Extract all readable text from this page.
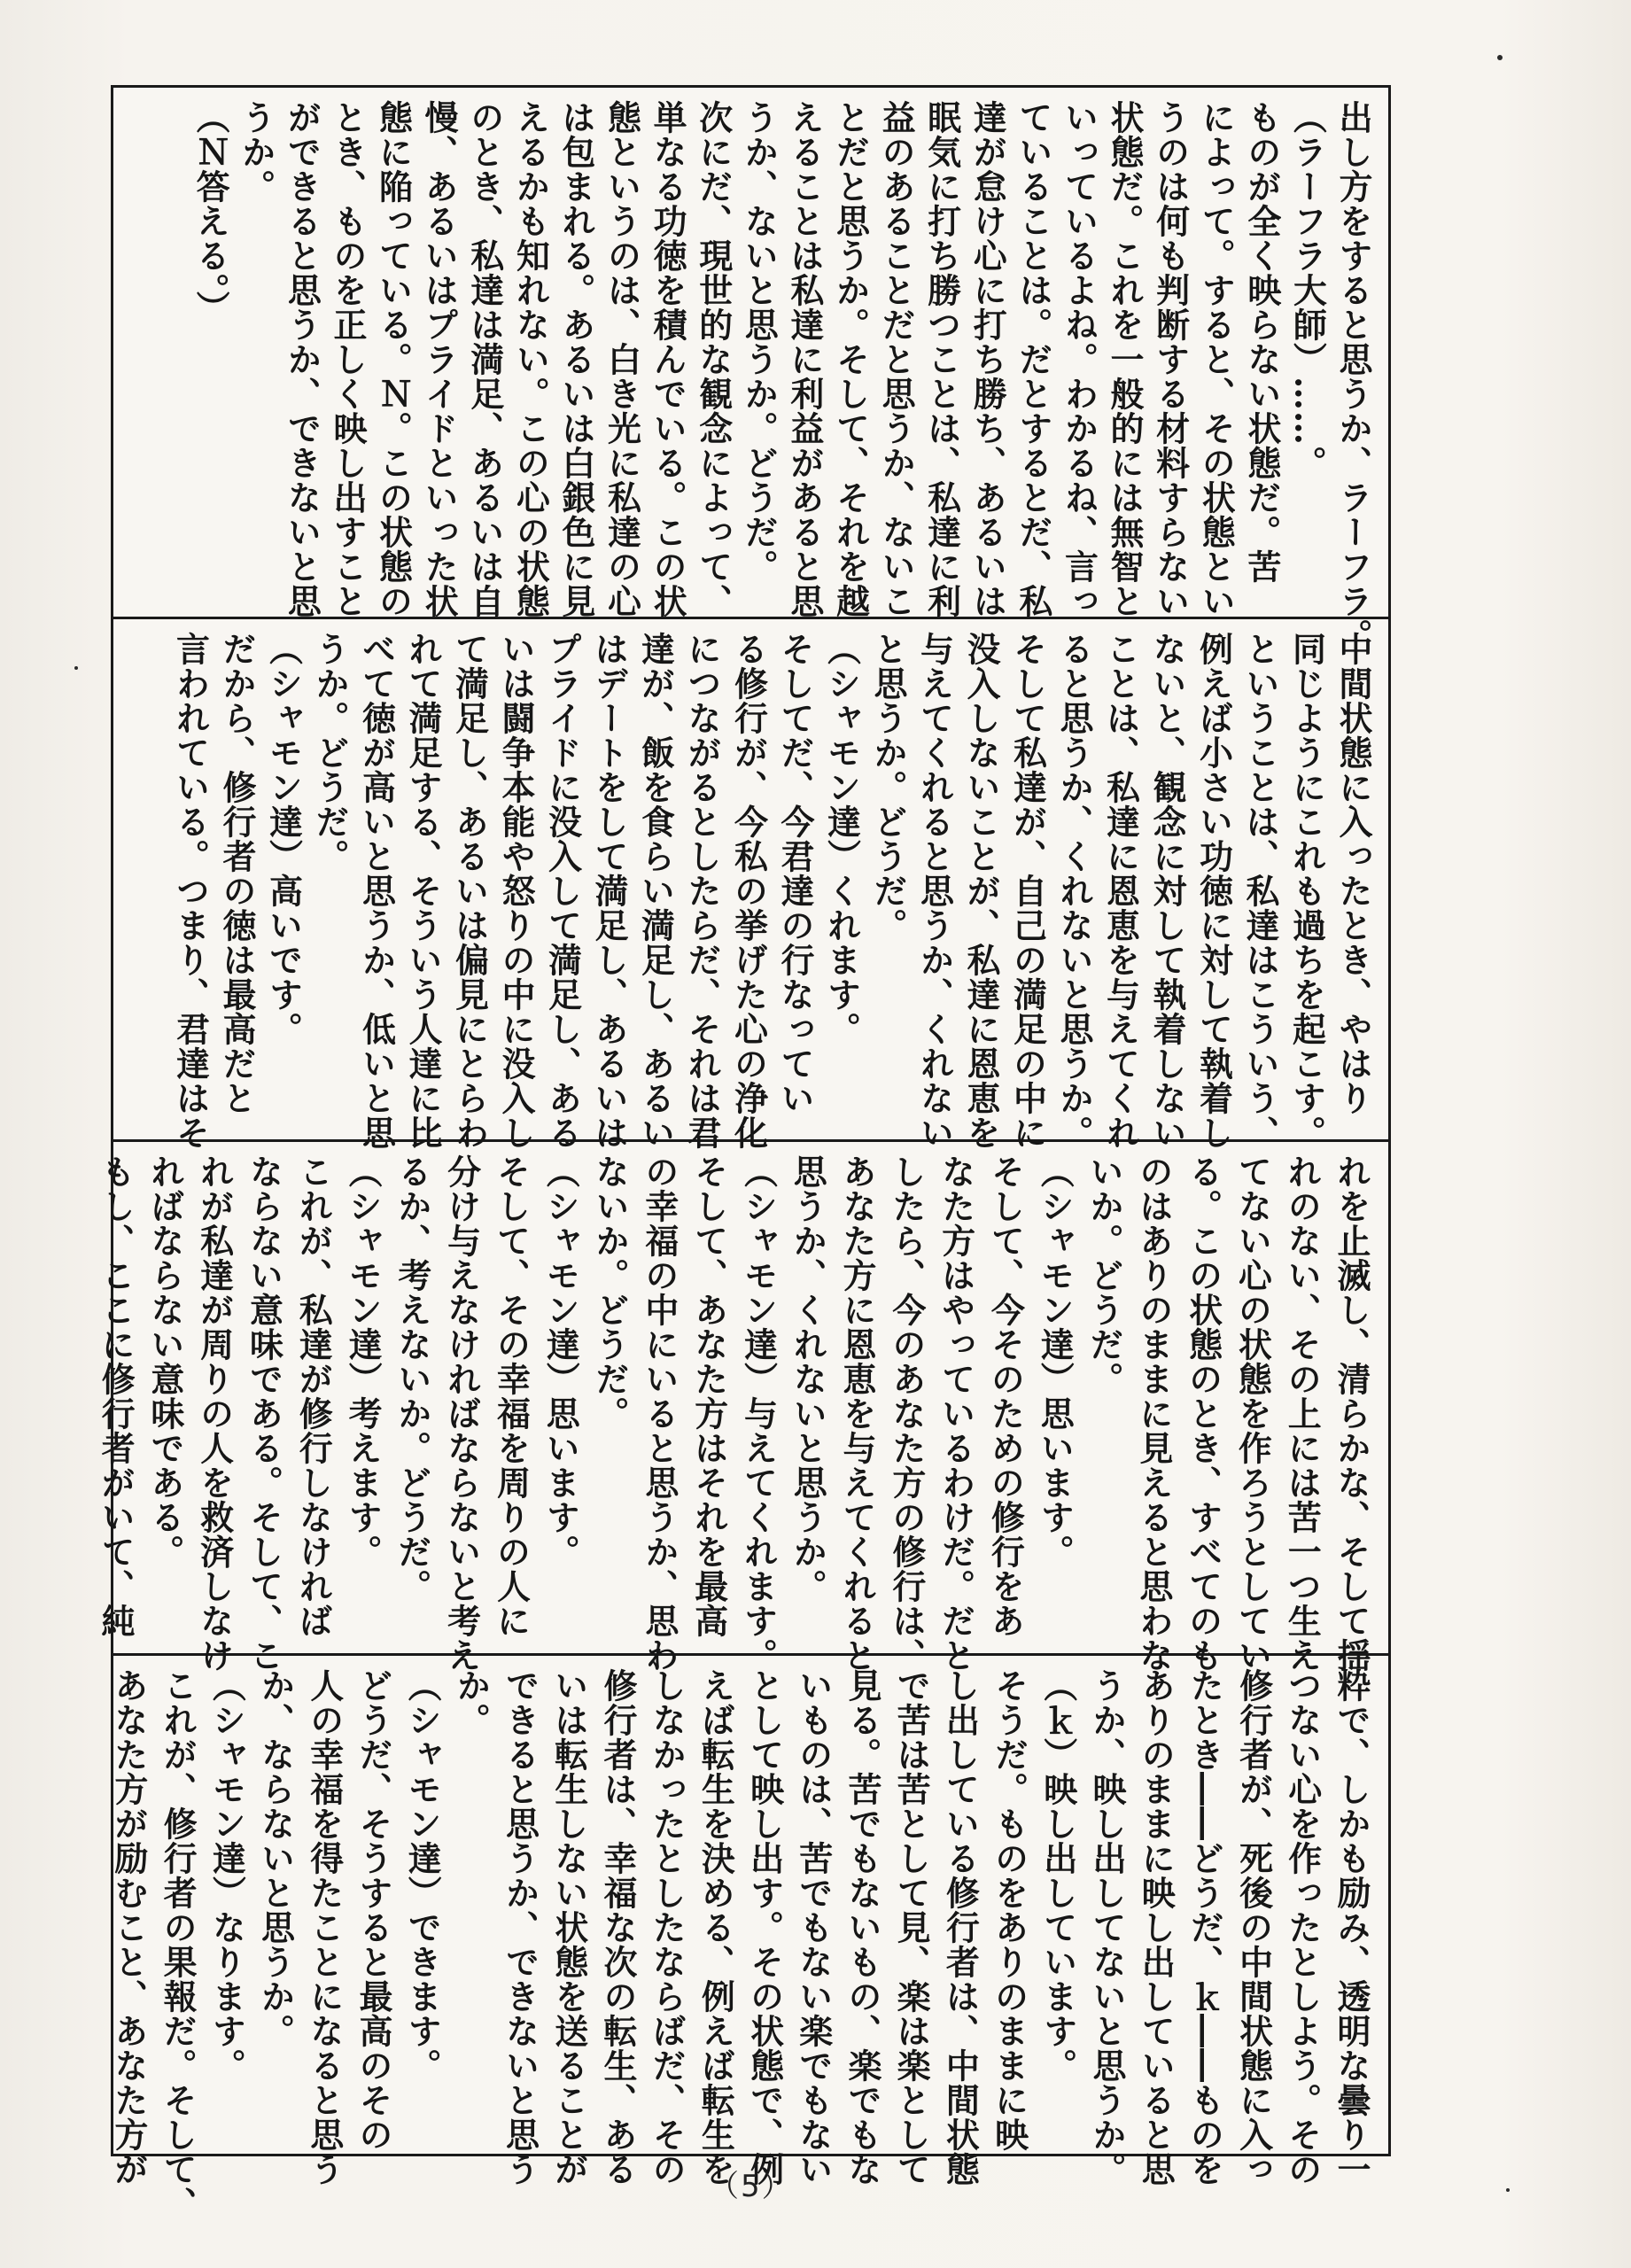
出し方をすると思うか、ラーフラ。
（ラーフラ大師）……。
ものが全く映らない状態だ。苦
によって。すると、その状態とい
うのは何も判断する材料すらない
状態だ。これを一般的には無智と
いっているよね。わかるね、言っ
ていることは。だとするとだ、私
達が怠け心に打ち勝ち、あるいは
眠気に打ち勝つことは、私達に利
益のあることだと思うか、ないこ
とだと思うか。そして、それを越
えることは私達に利益があると思
うか、ないと思うか。どうだ。
次にだ、現世的な観念によって、
単なる功徳を積んでいる。この状
態というのは、白き光に私達の心
は包まれる。あるいは白銀色に見
えるかも知れない。この心の状態
のとき、私達は満足、あるいは自
慢、あるいはプライドといった状
態に陥っている。Ｎ。この状態の
とき、ものを正しく映し出すこと
ができると思うか、できないと思
うか。
（Ｎ答える。）
中間状態に入ったとき、やはり
同じようにこれも過ちを起こす。
ということは、私達はこういう、
例えば小さい功徳に対して執着し
ないと、観念に対して執着しない
ことは、私達に恩恵を与えてくれ
ると思うか、くれないと思うか。
そして私達が、自己の満足の中に
没入しないことが、私達に恩恵を
与えてくれると思うか、くれない
と思うか。どうだ。
（シャモン達）くれます。
そしてだ、今君達の行なってい
る修行が、今私の挙げた心の浄化
につながるとしたらだ、それは君
達が、飯を食らい満足し、あるい
はデートをして満足し、あるいは
プライドに没入して満足し、ある
いは闘争本能や怒りの中に没入し
て満足し、あるいは偏見にとらわ
れて満足する、そういう人達に比
べて徳が高いと思うか、低いと思
うか。どうだ。
（シャモン達）高いです。
だから、修行者の徳は最高だと
言われている。つまり、君達はそ
れを止滅し、清らかな、そして揺
れのない、その上には苦一つ生え
てない心の状態を作ろうとしてい
る。この状態のとき、すべてのも
のはありのままに見えると思わな
いか。どうだ。
（シャモン達）思います。
そして、今そのための修行をあ
なた方はやっているわけだ。だと
したら、今のあなた方の修行は、
あなた方に恩恵を与えてくれると
思うか、くれないと思うか。
（シャモン達）与えてくれます。
そして、あなた方はそれを最高
の幸福の中にいると思うか、思わ
ないか。どうだ。
（シャモン達）思います。
そして、その幸福を周りの人に
分け与えなければならないと考え
るか、考えないか。どうだ。
（シャモン達）考えます。
これが、私達が修行しなければ
ならない意味である。そして、こ
れが私達が周りの人を救済しなけ
ればならない意味である。
もし、ここに修行者がいて、純
粋で、しかも励み、透明な曇り一
つない心を作ったとしよう。その
修行者が、死後の中間状態に入っ
たとき――どうだ、ｋ――ものを
ありのままに映し出していると思
うか、映し出してないと思うか。
（ｋ）映し出しています。
そうだ。ものをありのままに映
し出している修行者は、中間状態
で苦は苦として見、楽は楽として
見る。苦でもないもの、楽でもな
いものは、苦でもない楽でもない
として映し出す。その状態で、例
えば転生を決める、例えば転生を
しなかったとしたならばだ、その
修行者は、幸福な次の転生、ある
いは転生しない状態を送ることが
できると思うか、できないと思う
か。
（シャモン達）できます。
どうだ、そうすると最高のその
人の幸福を得たことになると思う
か、ならないと思うか。
（シャモン達）なります。
これが、修行者の果報だ。そして、
あなた方が励むこと、あなた方が	（5）
